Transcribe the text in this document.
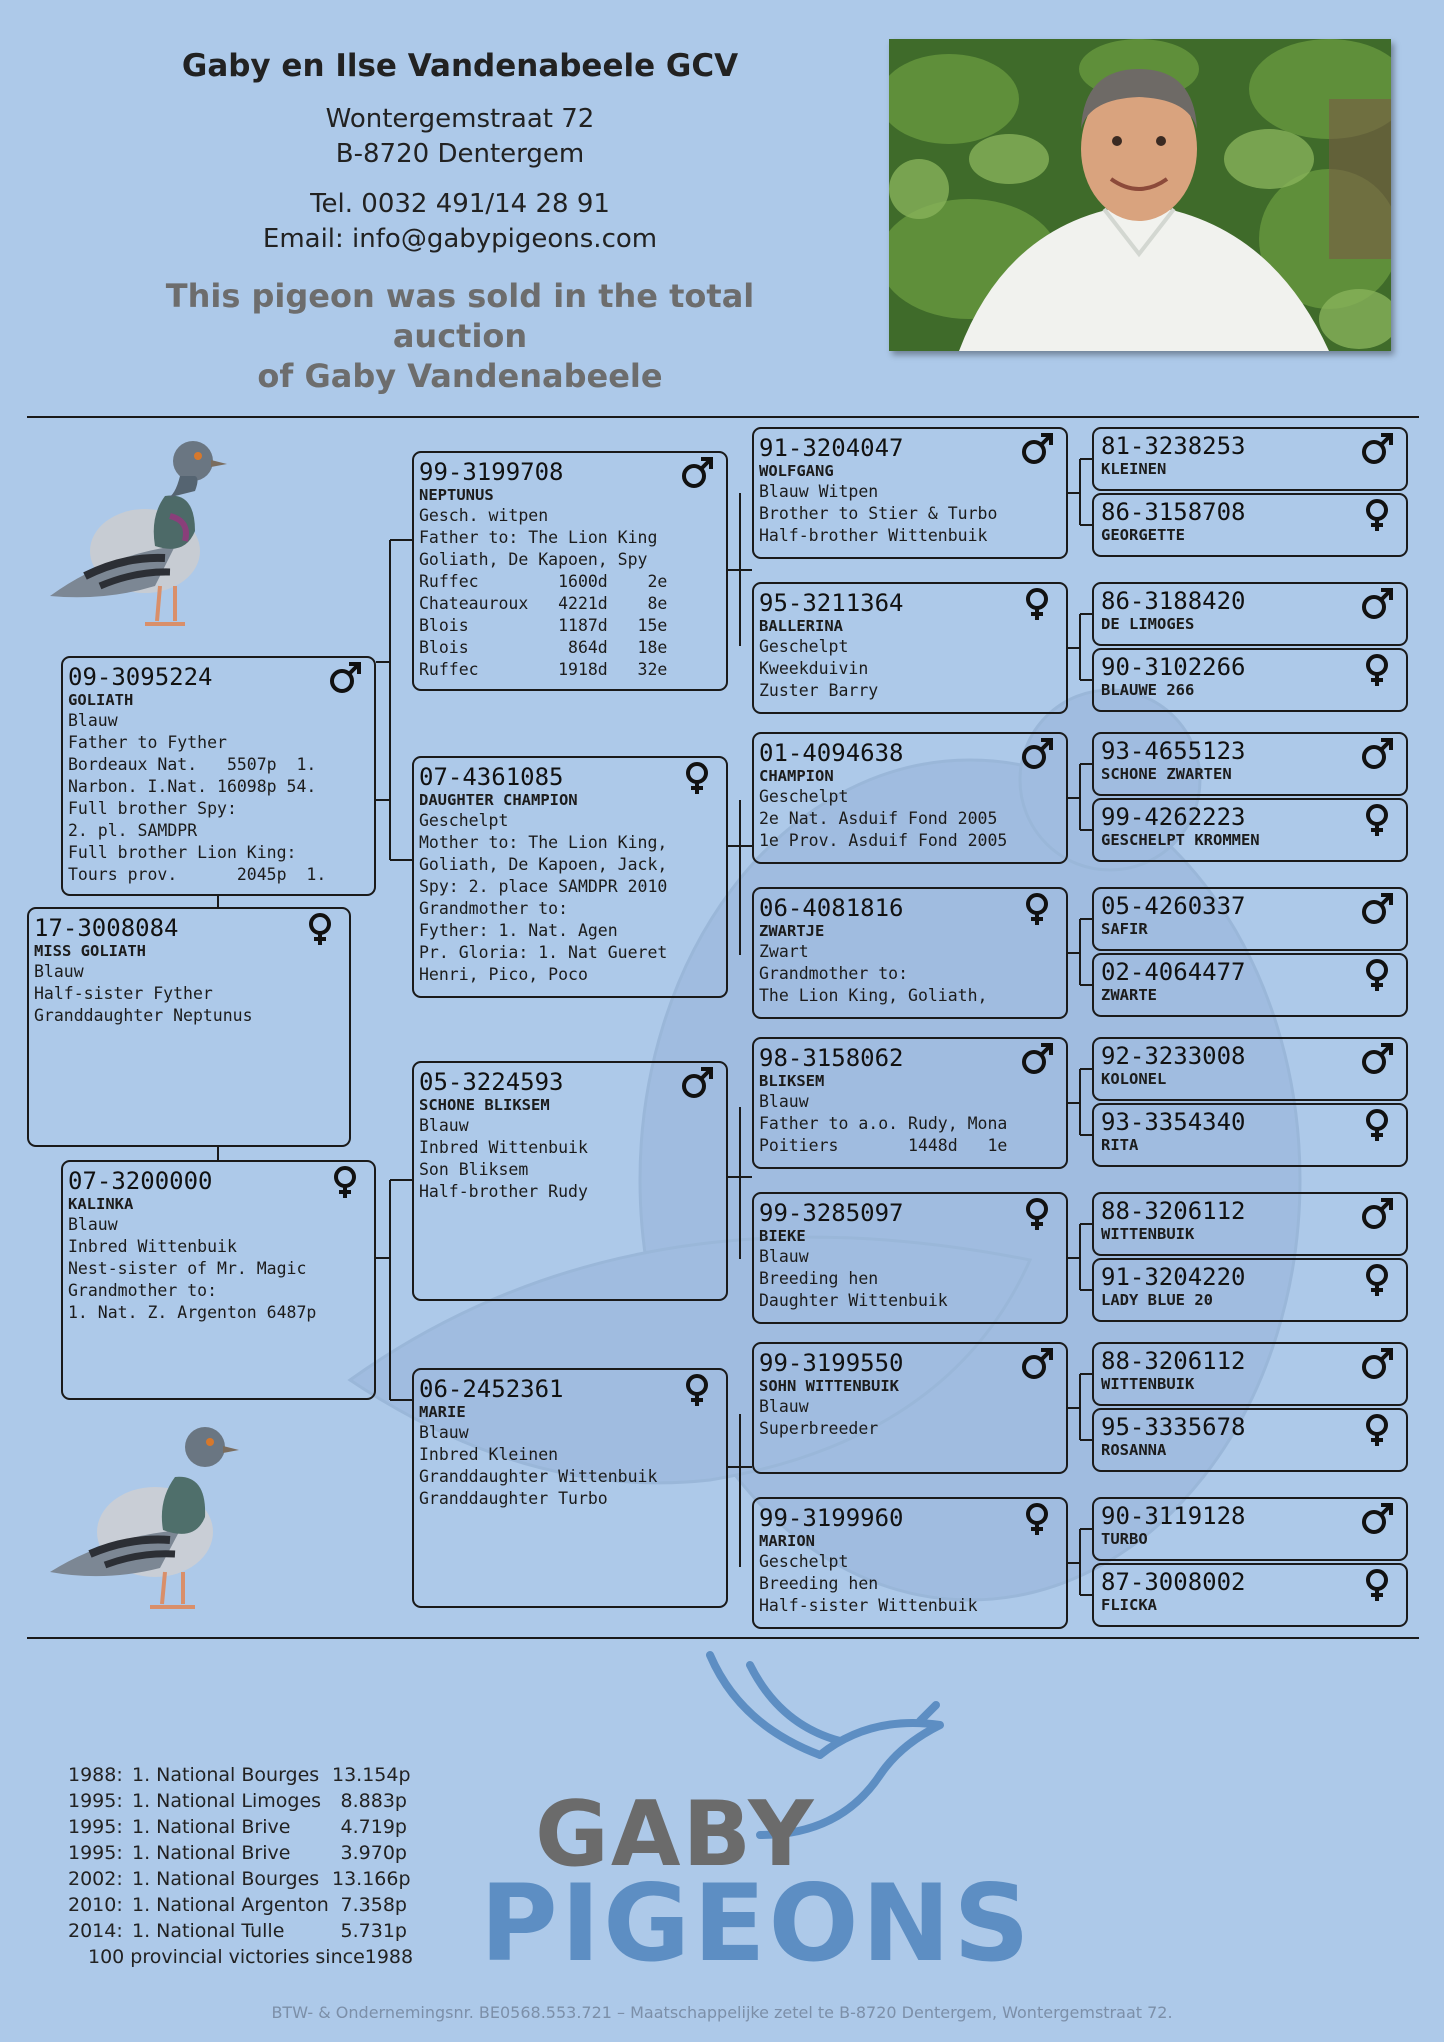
Gaby en Ilse Vandenabeele GCV
Wontergemstraat 72
B-8720 Dentergem
Tel. 0032 491/14 28 91
Email: info@gabypigeons.com
This pigeon was sold in the total auction
of Gaby Vandenabeele
09-3095224
GOLIATH
Blauw
Father to Fyther
Bordeaux Nat.   5507p  1.
Narbon. I.Nat. 16098p 54.
Full brother Spy:
2. pl. SAMDPR
Full brother Lion King:
Tours prov.      2045p  1.
17-3008084
MISS GOLIATH
Blauw
Half-sister Fyther
Granddaughter Neptunus
07-3200000
KALINKA
Blauw
Inbred Wittenbuik
Nest-sister of Mr. Magic
Grandmother to:
1. Nat. Z. Argenton 6487p
99-3199708
NEPTUNUS
Gesch. witpen
Father to: The Lion King
Goliath, De Kapoen, Spy
Ruffec        1600d    2e
Chateauroux   4221d    8e
Blois         1187d   15e
Blois          864d   18e
Ruffec        1918d   32e
07-4361085
DAUGHTER CHAMPION
Geschelpt
Mother to: The Lion King,
Goliath, De Kapoen, Jack,
Spy: 2. place SAMDPR 2010
Grandmother to:
Fyther: 1. Nat. Agen
Pr. Gloria: 1. Nat Gueret
Henri, Pico, Poco
05-3224593
SCHONE BLIKSEM
Blauw
Inbred Wittenbuik
Son Bliksem
Half-brother Rudy
06-2452361
MARIE
Blauw
Inbred Kleinen
Granddaughter Wittenbuik
Granddaughter Turbo
91-3204047
WOLFGANG
Blauw Witpen
Brother to Stier & Turbo
Half-brother Wittenbuik
95-3211364
BALLERINA
Geschelpt
Kweekduivin
Zuster Barry
01-4094638
CHAMPION
Geschelpt
2e Nat. Asduif Fond 2005
1e Prov. Asduif Fond 2005
06-4081816
ZWARTJE
Zwart
Grandmother to:
The Lion King, Goliath,
98-3158062
BLIKSEM
Blauw
Father to a.o. Rudy, Mona
Poitiers       1448d   1e
99-3285097
BIEKE
Blauw
Breeding hen
Daughter Wittenbuik
99-3199550
SOHN WITTENBUIK
Blauw
Superbreeder
99-3199960
MARION
Geschelpt
Breeding hen
Half-sister Wittenbuik
81-3238253
KLEINEN
86-3158708
GEORGETTE
86-3188420
DE LIMOGES
90-3102266
BLAUWE 266
93-4655123
SCHONE ZWARTEN
99-4262223
GESCHELPT KROMMEN
05-4260337
SAFIR
02-4064477
ZWARTE
92-3233008
KOLONEL
93-3354340
RITA
88-3206112
WITTENBUIK
91-3204220
LADY BLUE 20
88-3206112
WITTENBUIK
95-3335678
ROSANNA
90-3119128
TURBO
87-3008002
FLICKA
1988: 1. National Bourges 13.154p
1995: 1. National Limoges 8.883p
1995: 1. National Brive	4.719p
1995: 1. National Brive	3.970p
2002: 1. National Bourges 13.166p
2010: 1. National Argenton 7.358p
2014: 1. National Tulle	5.731p
100 provincial victories since1988
GABY
PIGEONS
BTW- & Ondernemingsnr. BE0568.553.721 – Maatschappelijke zetel te B-8720 Dentergem, Wontergemstraat 72.
